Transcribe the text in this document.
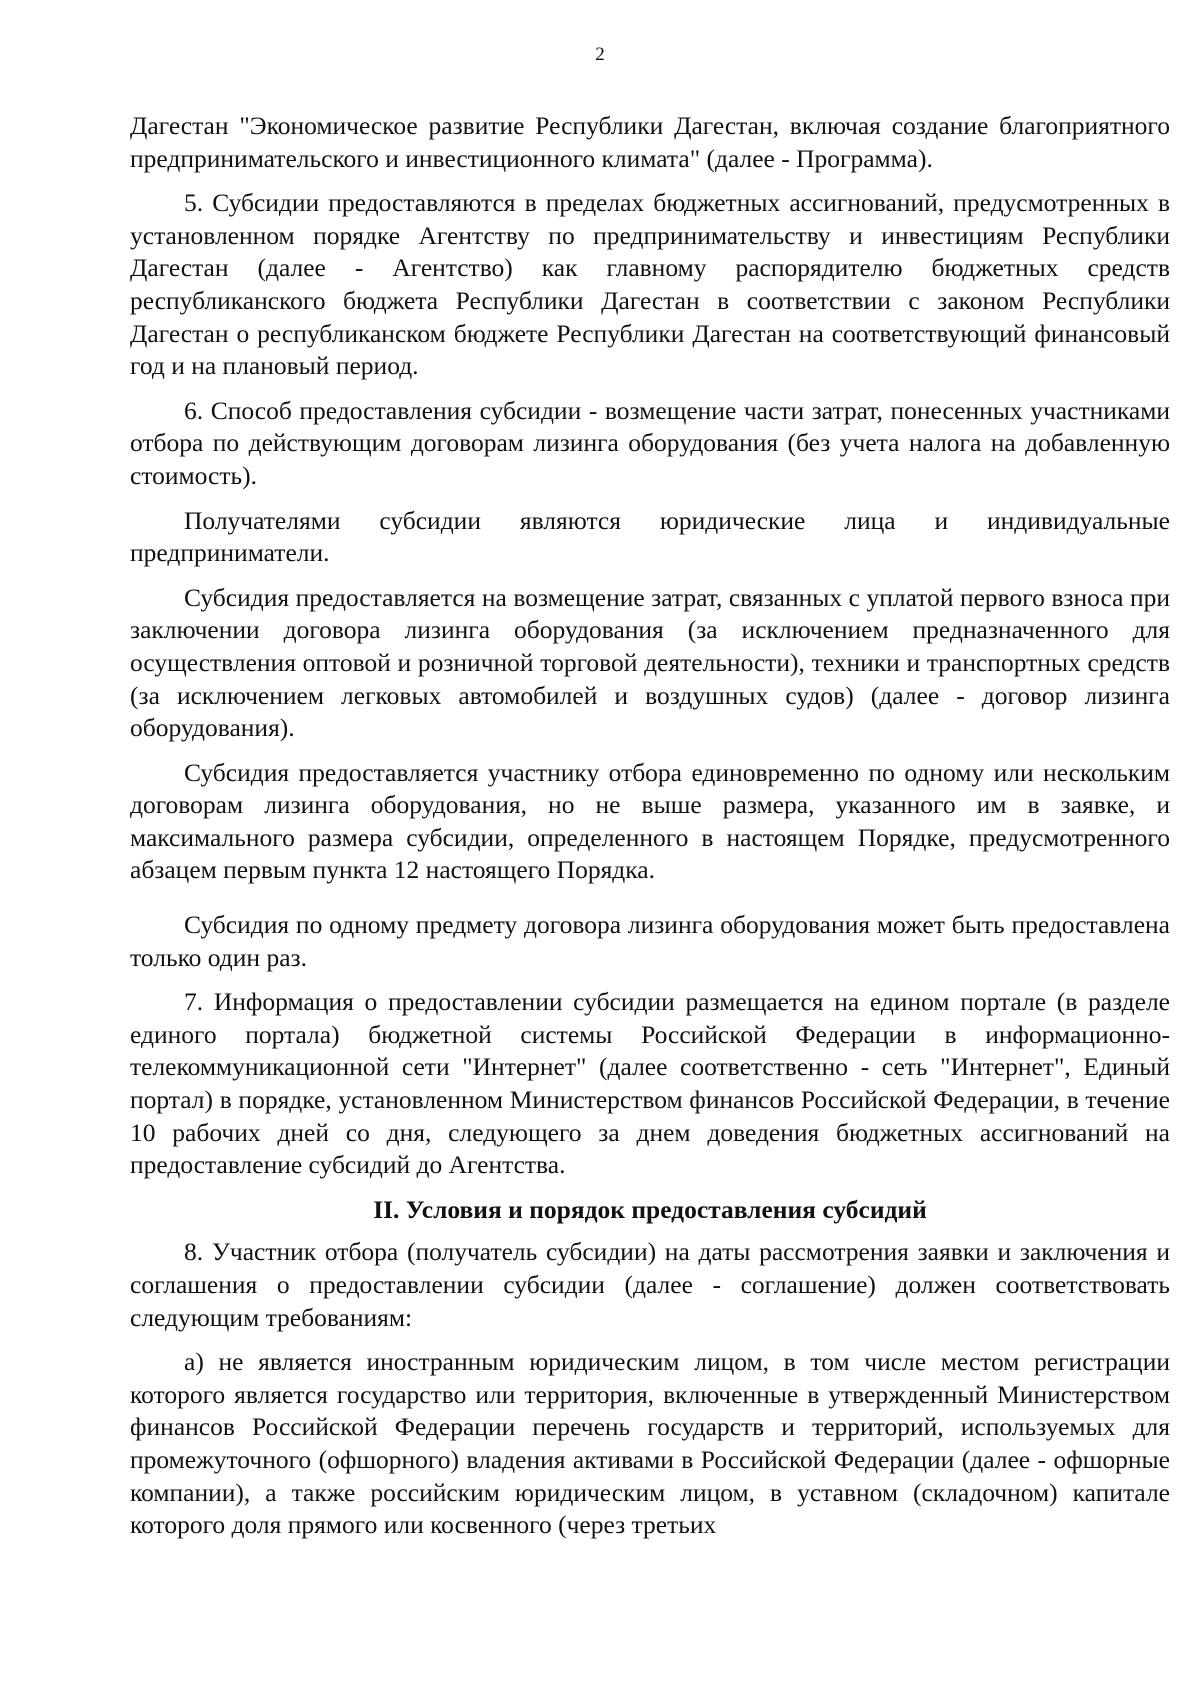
2

Дагестан "Экономическое развитие Республики Дагестан, включая создание благоприятного предпринимательского и инвестиционного климата" (далее - Программа).

5. Субсидии предоставляются в пределах бюджетных ассигнований, предусмотренных в установленном порядке Агентству по предпринимательству и инвестициям Республики Дагестан (далее - Агентство) как главному распорядителю бюджетных средств республиканского бюджета Республики Дагестан в соответствии с законом Республики Дагестан о республиканском бюджете Республики Дагестан на соответствующий финансовый год и на плановый период.

6. Способ предоставления субсидии - возмещение части затрат, понесенных участниками отбора по действующим договорам лизинга оборудования (без учета налога на добавленную стоимость).

Получателями субсидии являются юридические лица и индивидуальные предприниматели.

Субсидия предоставляется на возмещение затрат, связанных с уплатой первого взноса при заключении договора лизинга оборудования (за исключением предназначенного для осуществления оптовой и розничной торговой деятельности), техники и транспортных средств (за исключением легковых автомобилей и воздушных судов) (далее - договор лизинга оборудования).

Субсидия предоставляется участнику отбора единовременно по одному или нескольким договорам лизинга оборудования, но не выше размера, указанного им в заявке, и максимального размера субсидии, определенного в настоящем Порядке, предусмотренного абзацем первым пункта 12 настоящего Порядка.

Субсидия по одному предмету договора лизинга оборудования может быть предоставлена только один раз.

7. Информация о предоставлении субсидии размещается на едином портале (в разделе единого портала) бюджетной системы Российской Федерации в информационно-телекоммуникационной сети "Интернет" (далее соответственно - сеть "Интернет", Единый портал) в порядке, установленном Министерством финансов Российской Федерации, в течение 10 рабочих дней со дня, следующего за днем доведения бюджетных ассигнований на предоставление субсидий до Агентства.

II. Условия и порядок предоставления субсидий

8. Участник отбора (получатель субсидии) на даты рассмотрения заявки и заключения и соглашения о предоставлении субсидии (далее - соглашение) должен соответствовать следующим требованиям:

а) не является иностранным юридическим лицом, в том числе местом регистрации которого является государство или территория, включенные в утвержденный Министерством финансов Российской Федерации перечень государств и территорий, используемых для промежуточного (офшорного) владения активами в Российской Федерации (далее - офшорные компании), а также российским юридическим лицом, в уставном (складочном) капитале которого доля прямого или косвенного (через третьих
